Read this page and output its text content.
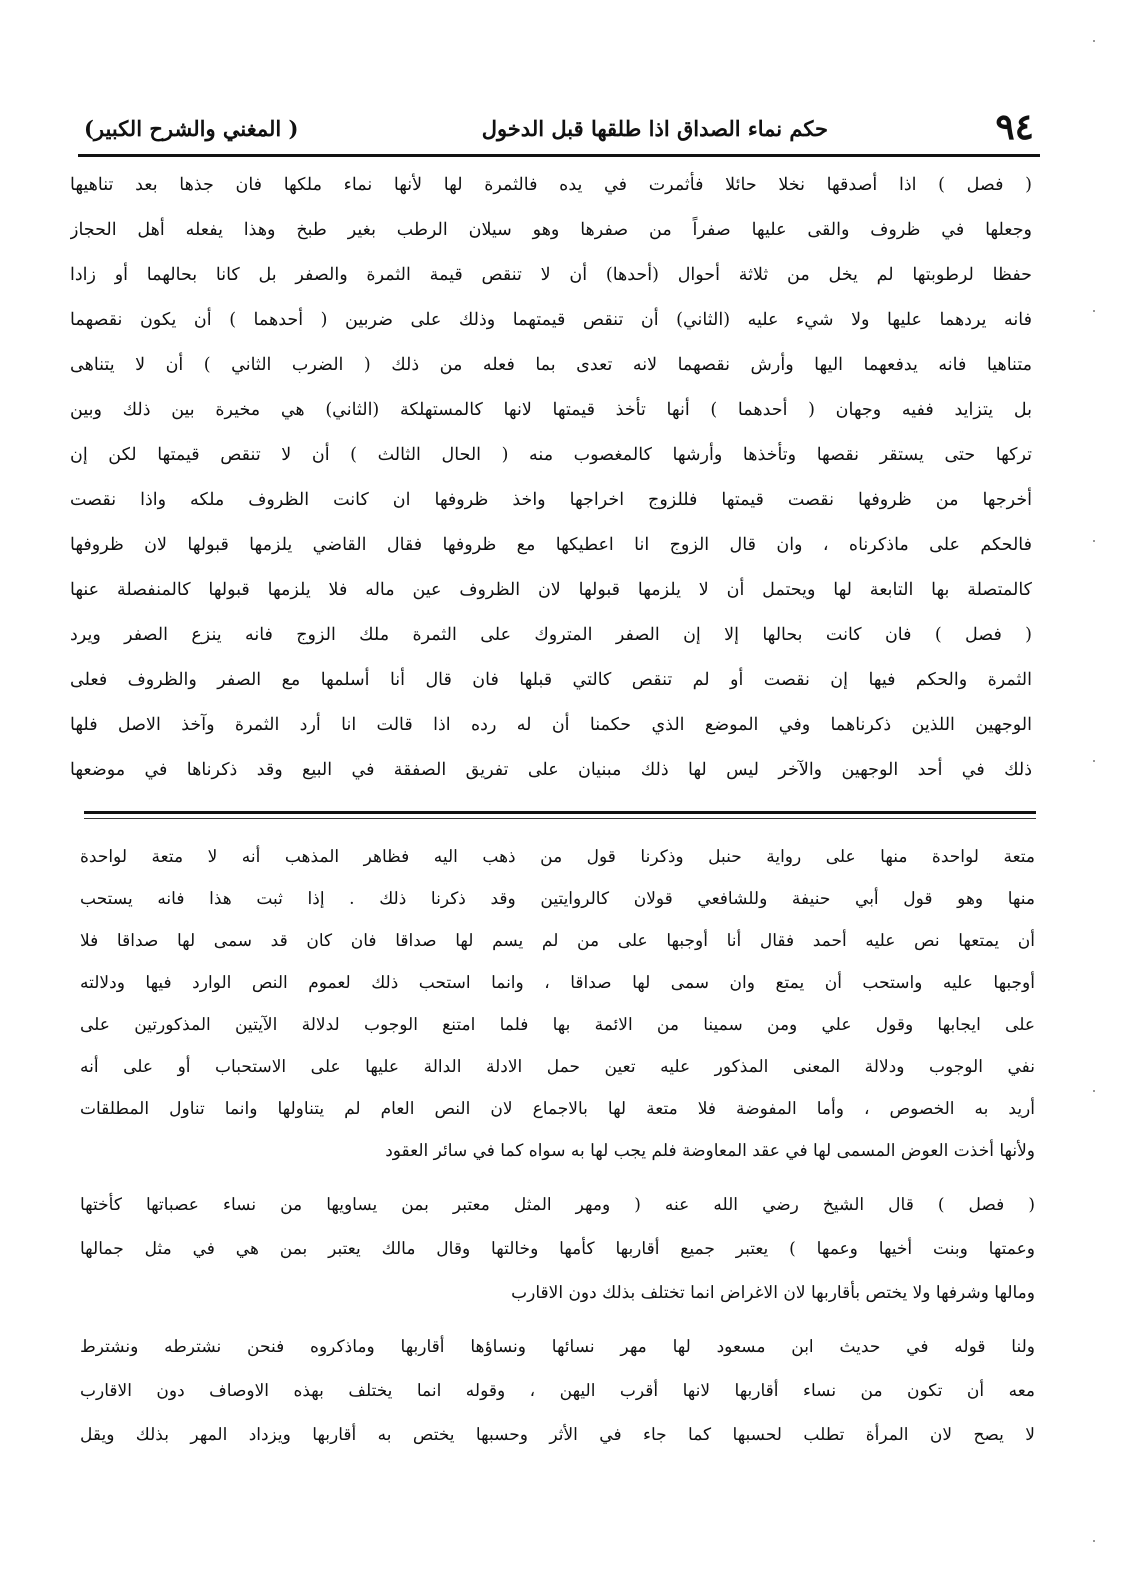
٩٤
حكم نماء الصداق اذا طلقها قبل الدخول
( المغني والشرح الكبير)
( فصل ) اذا أصدقها نخلا حائلا فأثمرت في يده فالثمرة لها لأنها نماء ملكها فان جذها بعد تناهيها
وجعلها في ظروف والقى عليها صفراً من صفرها وهو سيلان الرطب بغير طبخ وهذا يفعله أهل الحجاز
حفظا لرطوبتها لم يخل من ثلاثة أحوال (أحدها) أن لا تنقص قيمة الثمرة والصفر بل كانا بحالهما أو زادا
فانه يردهما عليها ولا شيء عليه (الثاني) أن تنقص قيمتهما وذلك على ضربين ( أحدهما ) أن يكون نقصهما
متناهيا فانه يدفعهما اليها وأرش نقصهما لانه تعدى بما فعله من ذلك ( الضرب الثاني ) أن لا يتناهى
بل يتزايد ففيه وجهان ( أحدهما ) أنها تأخذ قيمتها لانها كالمستهلكة (الثاني) هي مخيرة بين ذلك وبين
تركها حتى يستقر نقصها وتأخذها وأرشها كالمغصوب منه ( الحال الثالث ) أن لا تنقص قيمتها لكن إن
أخرجها من ظروفها نقصت قيمتها فللزوج اخراجها واخذ ظروفها ان كانت الظروف ملكه واذا نقصت
فالحكم على ماذكرناه ، وان قال الزوج انا اعطيكها مع ظروفها فقال القاضي يلزمها قبولها لان ظروفها
كالمتصلة بها التابعة لها ويحتمل أن لا يلزمها قبولها لان الظروف عين ماله فلا يلزمها قبولها كالمنفصلة عنها
( فصل ) فان كانت بحالها إلا إن الصفر المتروك على الثمرة ملك الزوج فانه ينزع الصفر ويرد
الثمرة والحكم فيها إن نقصت أو لم تنقص كالتي قبلها فان قال أنا أسلمها مع الصفر والظروف فعلى
الوجهين اللذين ذكرناهما وفي الموضع الذي حكمنا أن له رده اذا قالت انا أرد الثمرة وآخذ الاصل فلها
ذلك في أحد الوجهين والآخر ليس لها ذلك مبنيان على تفريق الصفقة في البيع وقد ذكرناها في موضعها
متعة لواحدة منها على رواية حنبل وذكرنا قول من ذهب اليه فظاهر المذهب أنه لا متعة لواحدة
منها وهو قول أبي حنيفة وللشافعي قولان كالروايتين وقد ذكرنا ذلك . إذا ثبت هذا فانه يستحب
أن يمتعها نص عليه أحمد فقال أنا أوجبها على من لم يسم لها صداقا فان كان قد سمى لها صداقا فلا
أوجبها عليه واستحب أن يمتع وان سمى لها صداقا ، وانما استحب ذلك لعموم النص الوارد فيها ودلالته
على ايجابها وقول علي ومن سمينا من الائمة بها فلما امتنع الوجوب لدلالة الآيتين المذكورتين على
نفي الوجوب ودلالة المعنى المذكور عليه تعين حمل الادلة الدالة عليها على الاستحباب أو على أنه
أريد به الخصوص ، وأما المفوضة فلا متعة لها بالاجماع لان النص العام لم يتناولها وانما تناول المطلقات
ولأنها أخذت العوض المسمى لها في عقد المعاوضة فلم يجب لها به سواه كما في سائر العقود
( فصل ) قال الشيخ رضي الله عنه ( ومهر المثل معتبر بمن يساويها من نساء عصباتها كأختها
وعمتها وبنت أخيها وعمها ) يعتبر جميع أقاربها كأمها وخالتها وقال مالك يعتبر بمن هي في مثل جمالها
ومالها وشرفها ولا يختص بأقاربها لان الاغراض انما تختلف بذلك دون الاقارب
ولنا قوله في حديث ابن مسعود لها مهر نسائها ونساؤها أقاربها وماذكروه فنحن نشترطه ونشترط
معه أن تكون من نساء أقاربها لانها أقرب اليهن ، وقوله انما يختلف بهذه الاوصاف دون الاقارب
لا يصح لان المرأة تطلب لحسبها كما جاء في الأثر وحسبها يختص به أقاربها ويزداد المهر بذلك ويقل
